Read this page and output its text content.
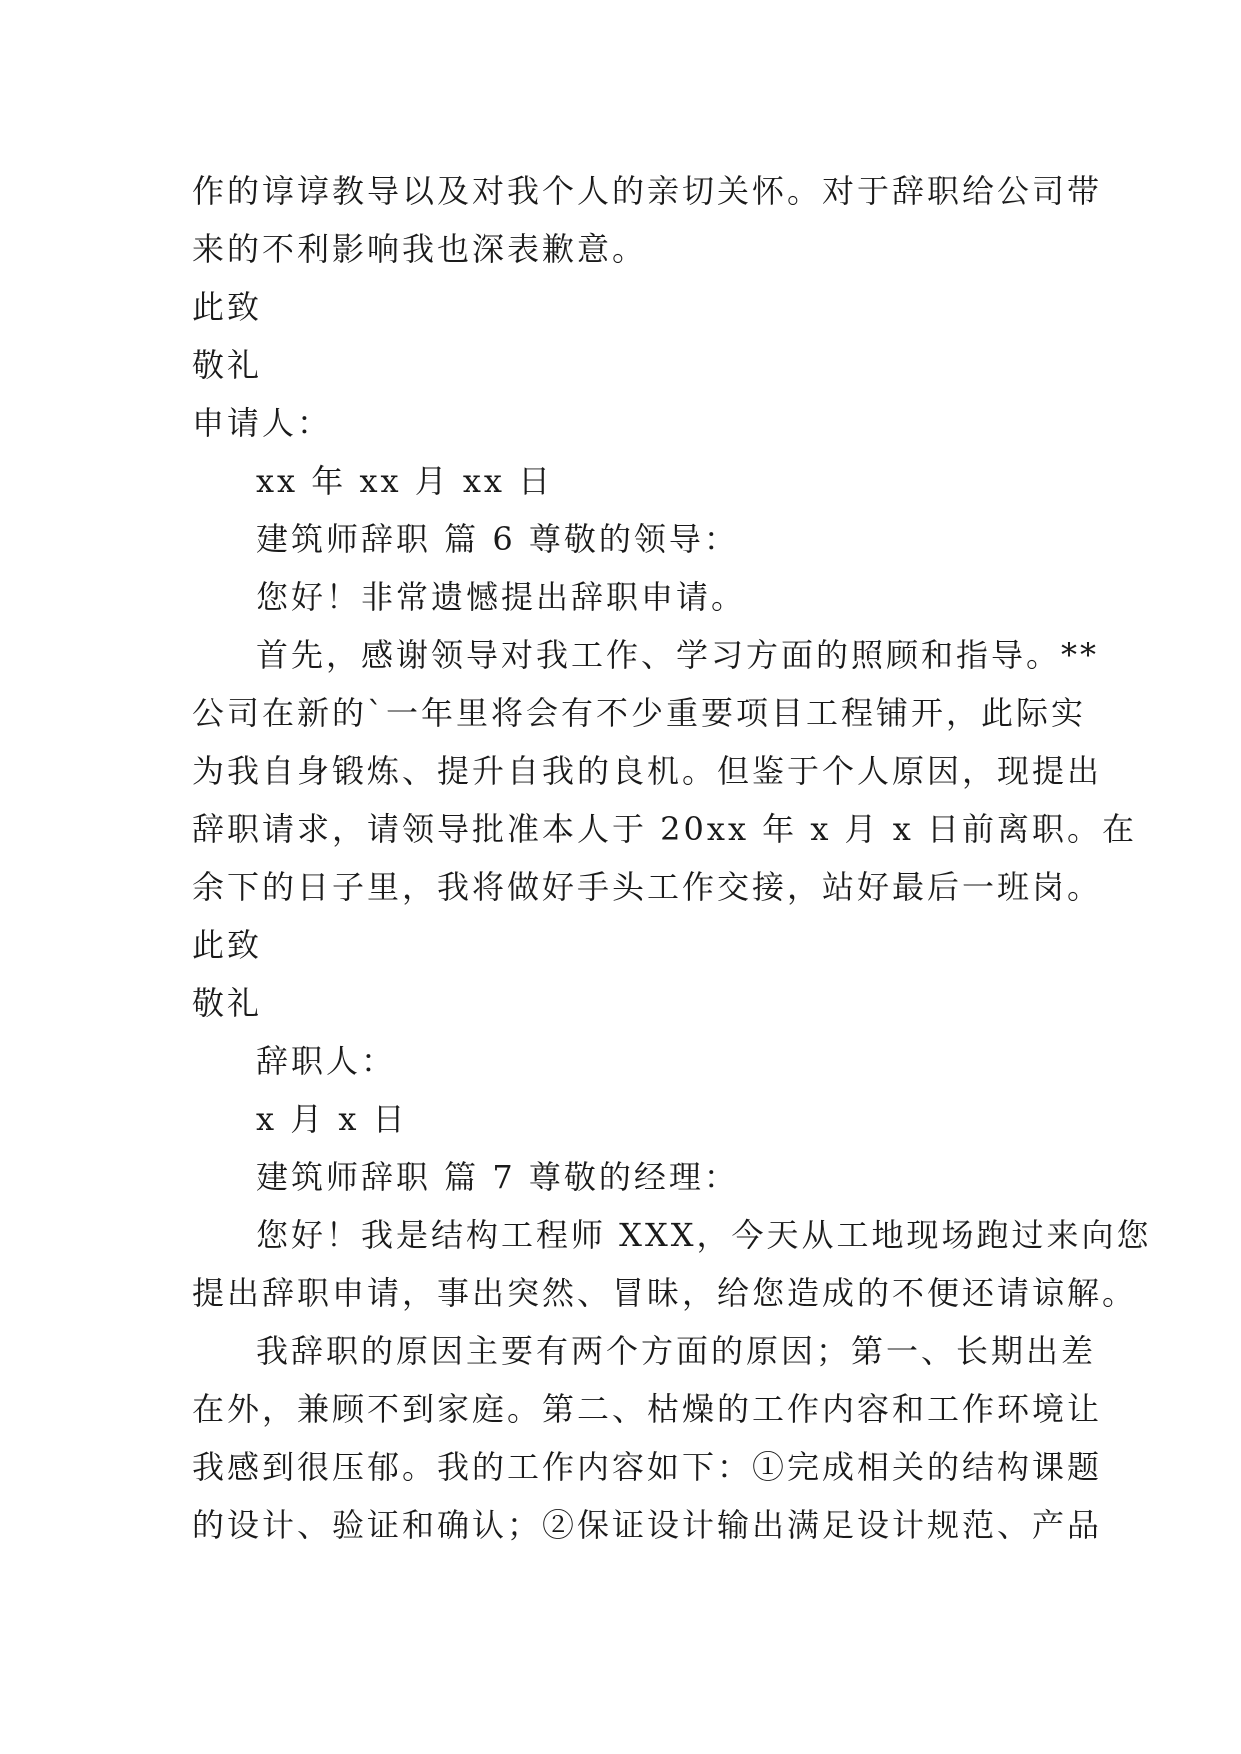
作的谆谆教导以及对我个人的亲切关怀。对于辞职给公司带
来的不利影响我也深表歉意。
此致
敬礼
申请人：
xx 年 xx 月 xx 日
建筑师辞职 篇 6 尊敬的领导：
您好！非常遗憾提出辞职申请。
首先，感谢领导对我工作、学习方面的照顾和指导。**
公司在新的`一年里将会有不少重要项目工程铺开，此际实
为我自身锻炼、提升自我的良机。但鉴于个人原因，现提出
辞职请求，请领导批准本人于 20xx 年 x 月 x 日前离职。在
余下的日子里，我将做好手头工作交接，站好最后一班岗。
此致
敬礼
辞职人：
x 月 x 日
建筑师辞职 篇 7 尊敬的经理：
您好！我是结构工程师 XXX，今天从工地现场跑过来向您
提出辞职申请，事出突然、冒昧，给您造成的不便还请谅解。
我辞职的原因主要有两个方面的原因；第一、长期出差
在外，兼顾不到家庭。第二、枯燥的工作内容和工作环境让
我感到很压郁。我的工作内容如下：①完成相关的结构课题
的设计、验证和确认；②保证设计输出满足设计规范、产品
